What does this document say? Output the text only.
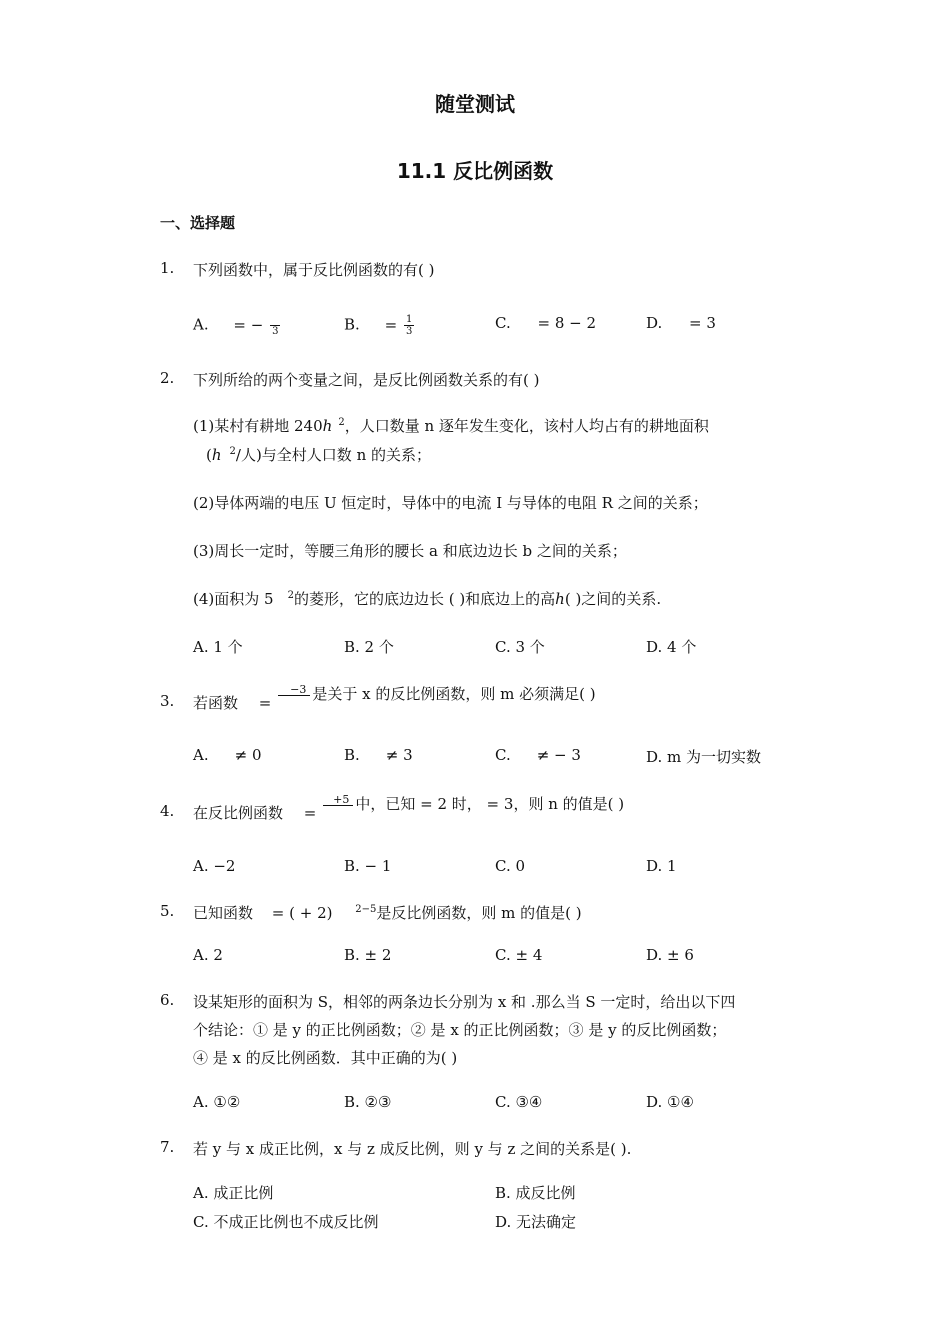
随堂测试
11.1 反比例函数
一、选择题
1. 下列函数中，属于反比例函数的有( )
A. = −
3	B. = $\frac{1}{3}$	C. = 8 − 2	D. = 3
2. 下列所给的两个变量之间，是反比例函数关系的有( )
(1)某村有耕地 240ℎ $^2$，人口数量 n 逐年发生变化，该村人均占有的耕地面积
(ℎ $^2$/人)与全村人口数 n 的关系；
(2)导体两端的电压 U 恒定时，导体中的电流 I 与导体的电阻 R 之间的关系；
(3)周长一定时，等腰三角形的腰长 a 和底边边长 b 之间的关系；
(4)面积为 5 $^2$的菱形，它的底边边长 ( )和底边上的高ℎ( )之间的关系.
A. 1 个	B. 2 个	C. 3 个	D. 4 个
3. 若函数 =
−3
是关于 x 的反比例函数，则 m 必须满足( )
A. ≠ 0	B. ≠ 3	C. ≠ − 3	D. m 为一切实数
4. 在反比例函数 =
+5
中，已知 = 2 时， = 3，则 n 的值是( )
A. −2	B. − 1	C. 0	D. 1
5. 已知函数 = ( + 2) $^{2-5}$是反比例函数，则 m 的值是( )
A. 2	B. ± 2	C. ± 4	D. ± 6
6. 设某矩形的面积为 S，相邻的两条边长分别为 x 和 .那么当 S 一定时，给出以下四
个结论：① 是 y 的正比例函数；② 是 x 的正比例函数；③ 是 y 的反比例函数；
④ 是 x 的反比例函数．其中正确的为( )
A. ①②	B. ②③	C. ③④	D. ①④
7. 若 y 与 x 成正比例，x 与 z 成反比例，则 y 与 z 之间的关系是( ).
A. 成正比例	B. 成反比例
C. 不成正比例也不成反比例	D. 无法确定
